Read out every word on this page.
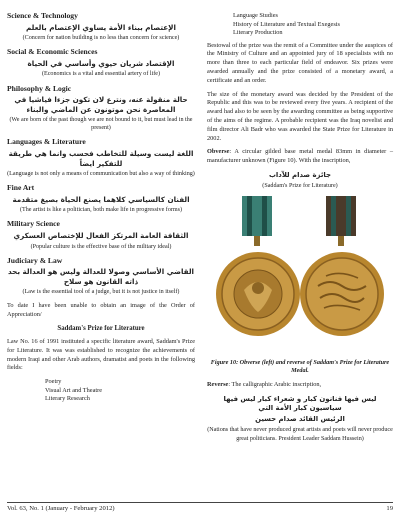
Science & Technology

الإعتصام ببناء الأمة يساوي الإعتصام بالعلم

(Concern for nation building is no less than concern for science)

Social & Economic Sciences

الإقتصاد شريان حيوي وأساسي في الحياة

(Economics is a vital and essential artery of life)

Philosophy & Logic

حالة منقولة عنه، ونترع لان تكون جزءا فياشيا في المعاصرة نحن موتونون عن الماضي والبناء

(We are born of the past though we are not bound to it, but must lead in the present)

Languages & Literature

اللغة ليست وسيلة للتخاطب فحسب وانما هي طريقة للتفكير ايضاً

(Language is not only a means of communication but also a way of thinking)

Fine Art

الفنان كالسياسي كلاهما يصنع الحياة بصيغ متقدمة

(The artist is like a politician, both make life in progressive forms)

Military Science

الثقافة العامة المرتكز الفعال للإختصاص العسكري

(Popular culture is the effective base of the military ideal)

Judiciary & Law

القاضي الأساسي وصولا للعدالة وليس هو العدالة بحد ذاته القانون هو سلاح

(Law is the essential tool of a judge, but it is not justice in itself)

To date I have been unable to obtain an image of the Order of Appreciation/

Saddam's Prize for Literature

Law No. 16 of 1991 instituted a specific literature award, Saddam's Prize for Literature. It was was established to recognize the achievements of modern Iraqi and other Arab authors, dramatist and poets in the following fields:

Poetry
Visual Art and Theatre
Literary Research
Language Studies
History of Literature and Textual Exegesis
Literary Production

Bestowal of the prize was the remit of a Committee under the auspices of the Ministry of Culture and an appointed jury of 18 specialists with no more than three to each particular field of endeavor. Six prizes were awarded annually and the prize consisted of a monetary award, a certificate and an order.

The size of the monetary award was decided by the President of the Republic and this was to be reviewed every five years. A recipient of the award had also to be seen by the awarding committee as being supportive of the aims of the regime. A probable recipient was the Iraq novelist and film director Ali Badr who was awarded the State Prize for Literature in 2002.

Obverse: A circular gilded base metal medal 83mm in diameter – manufacturer unknown (Figure 10). With the inscription,

جائزة صدام للآداب

(Saddam's Prize for Literature)

Figure 10: Obverse (left) and reverse of Saddam's Prize for Literature Medal.

Reverse: The calligraphic Arabic inscription,

ليس فيها فنانون كبار و شعراء كبار ليس فيها سياسيون كبار الأمة التي

الرئيس القائد صدام حسين

(Nations that have never produced great artists and poets will never produce great politicians. President Leader Saddam Hussein)

Vol. 63, No. 1 (January - February 2012)	19
